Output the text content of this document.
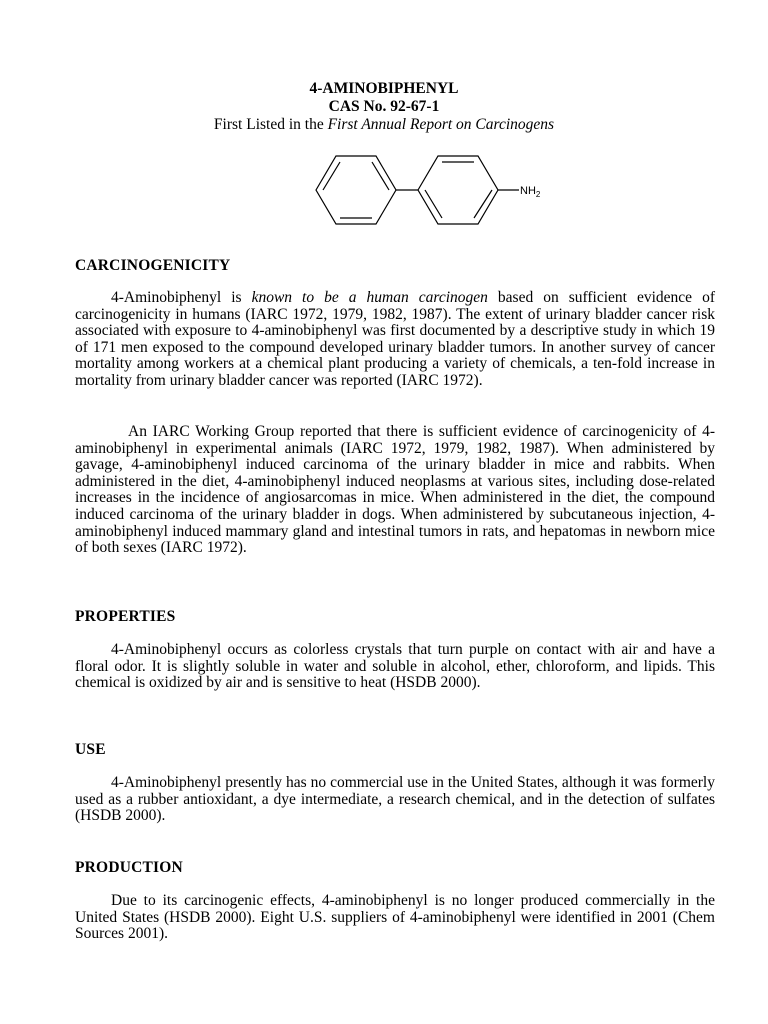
4-AMINOBIPHENYL
CAS No. 92-67-1
First Listed in the First Annual Report on Carcinogens
$NH_2$
CARCINOGENICITY

4-Aminobiphenyl is known to be a human carcinogen based on sufficient evidence of carcinogenicity in humans (IARC 1972, 1979, 1982, 1987). The extent of urinary bladder cancer risk associated with exposure to 4-aminobiphenyl was first documented by a descriptive study in which 19 of 171 men exposed to the compound developed urinary bladder tumors. In another survey of cancer mortality among workers at a chemical plant producing a variety of chemicals, a ten-fold increase in mortality from urinary bladder cancer was reported (IARC 1972).

An IARC Working Group reported that there is sufficient evidence of carcinogenicity of 4-aminobiphenyl in experimental animals (IARC 1972, 1979, 1982, 1987). When administered by gavage, 4-aminobiphenyl induced carcinoma of the urinary bladder in mice and rabbits. When administered in the diet, 4-aminobiphenyl induced neoplasms at various sites, including dose-related increases in the incidence of angiosarcomas in mice. When administered in the diet, the compound induced carcinoma of the urinary bladder in dogs. When administered by subcutaneous injection, 4-aminobiphenyl induced mammary gland and intestinal tumors in rats, and hepatomas in newborn mice of both sexes (IARC 1972).

PROPERTIES

4-Aminobiphenyl occurs as colorless crystals that turn purple on contact with air and have a floral odor. It is slightly soluble in water and soluble in alcohol, ether, chloroform, and lipids. This chemical is oxidized by air and is sensitive to heat (HSDB 2000).

USE

4-Aminobiphenyl presently has no commercial use in the United States, although it was formerly used as a rubber antioxidant, a dye intermediate, a research chemical, and in the detection of sulfates (HSDB 2000).

PRODUCTION

Due to its carcinogenic effects, 4-aminobiphenyl is no longer produced commercially in the United States (HSDB 2000). Eight U.S. suppliers of 4-aminobiphenyl were identified in 2001 (Chem Sources 2001).
